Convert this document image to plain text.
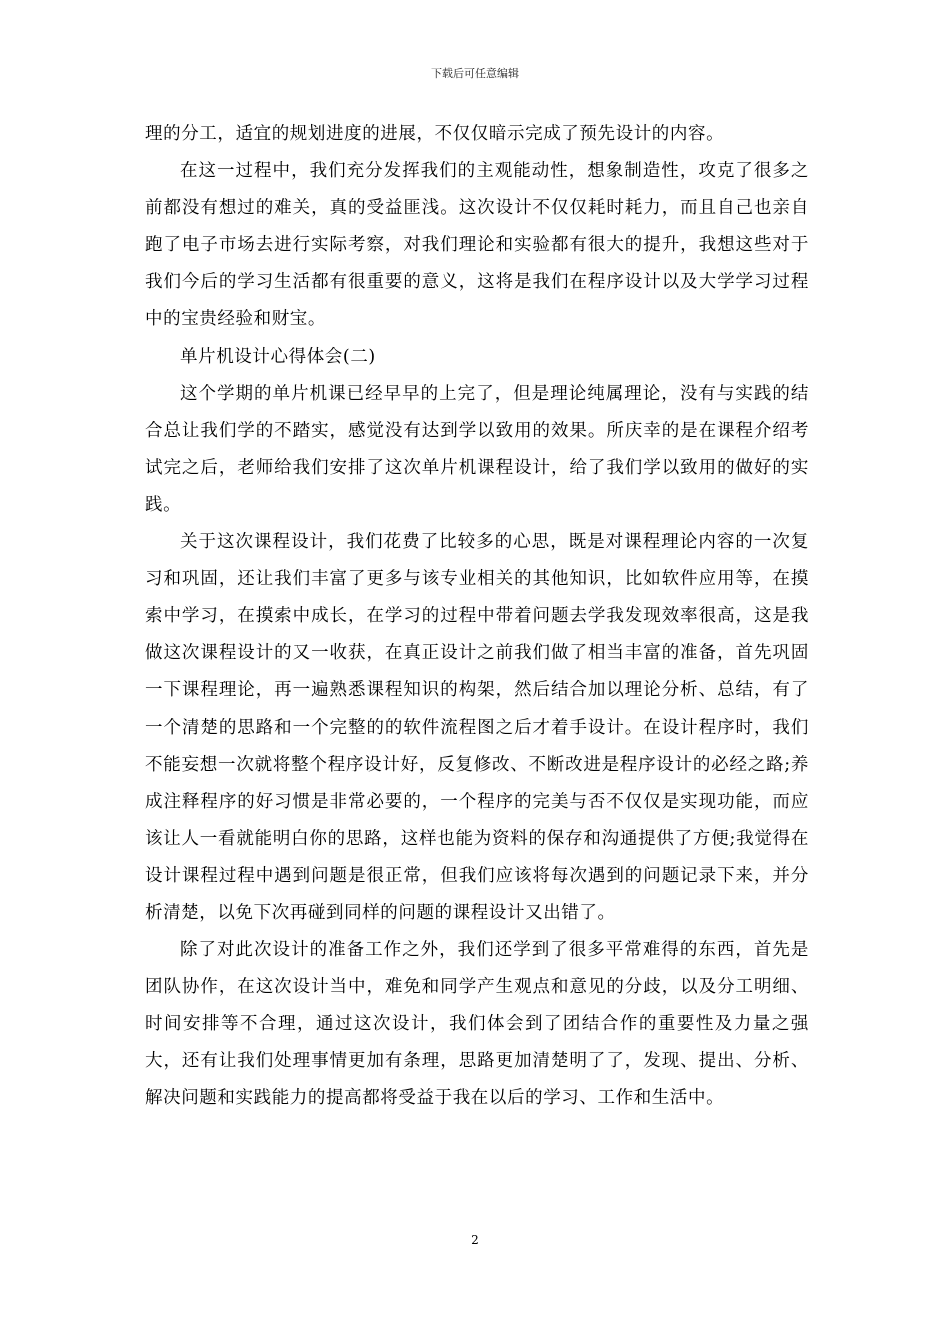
下载后可任意编辑

理的分工，适宜的规划进度的进展，不仅仅暗示完成了预先设计的内容。

在这一过程中，我们充分发挥我们的主观能动性，想象制造性，攻克了很多之前都没有想过的难关，真的受益匪浅。这次设计不仅仅耗时耗力，而且自己也亲自跑了电子市场去进行实际考察，对我们理论和实验都有很大的提升，我想这些对于我们今后的学习生活都有很重要的意义，这将是我们在程序设计以及大学学习过程中的宝贵经验和财宝。

单片机设计心得体会(二)

这个学期的单片机课已经早早的上完了，但是理论纯属理论，没有与实践的结合总让我们学的不踏实，感觉没有达到学以致用的效果。所庆幸的是在课程介绍考试完之后，老师给我们安排了这次单片机课程设计，给了我们学以致用的做好的实践。

关于这次课程设计，我们花费了比较多的心思，既是对课程理论内容的一次复习和巩固，还让我们丰富了更多与该专业相关的其他知识，比如软件应用等，在摸索中学习，在摸索中成长，在学习的过程中带着问题去学我发现效率很高，这是我做这次课程设计的又一收获，在真正设计之前我们做了相当丰富的准备，首先巩固一下课程理论，再一遍熟悉课程知识的构架，然后结合加以理论分析、总结，有了一个清楚的思路和一个完整的的软件流程图之后才着手设计。在设计程序时，我们不能妄想一次就将整个程序设计好，反复修改、不断改进是程序设计的必经之路;养成注释程序的好习惯是非常必要的，一个程序的完美与否不仅仅是实现功能，而应该让人一看就能明白你的思路，这样也能为资料的保存和沟通提供了方便;我觉得在设计课程过程中遇到问题是很正常，但我们应该将每次遇到的问题记录下来，并分析清楚，以免下次再碰到同样的问题的课程设计又出错了。

除了对此次设计的准备工作之外，我们还学到了很多平常难得的东西，首先是团队协作，在这次设计当中，难免和同学产生观点和意见的分歧，以及分工明细、时间安排等不合理，通过这次设计，我们体会到了团结合作的重要性及力量之强大，还有让我们处理事情更加有条理，思路更加清楚明了了，发现、提出、分析、解决问题和实践能力的提高都将受益于我在以后的学习、工作和生活中。

2
